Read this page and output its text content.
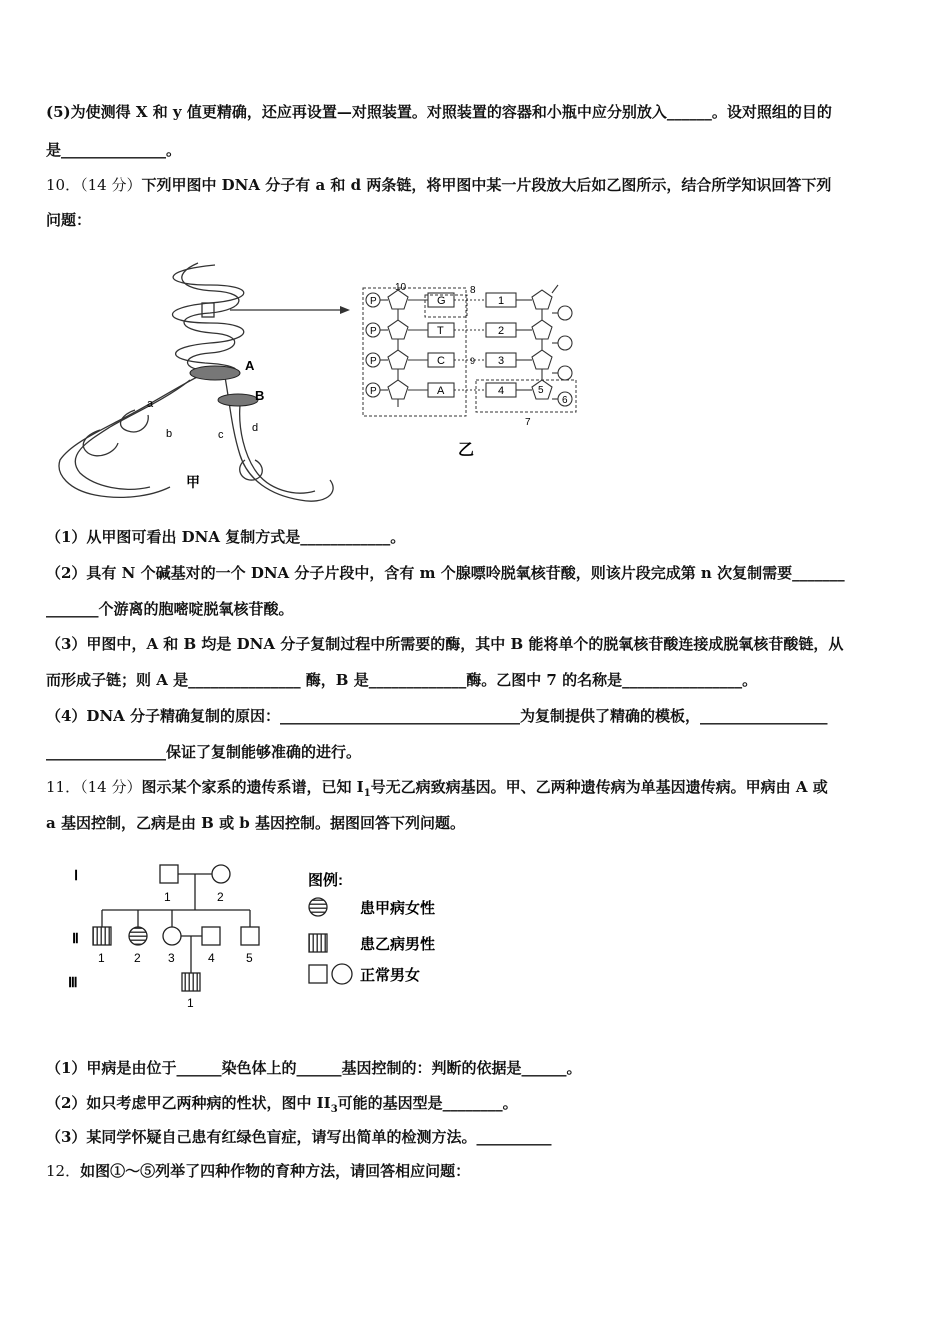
(5)为使测得 X 和 y 值更精确，还应再设置—对照装置。对照装置的容器和小瓶中应分别放入______。设对照组的目的
是______________。
10．（14 分）下列甲图中 DNA 分子有 a 和 d 两条链，将甲图中某一片段放大后如乙图所示，结合所学知识回答下列
问题：
A
B
a
b	c
d
甲
10	8
7
P
P
P
P
G
T
C
A
1
2
3
4
9
5
6
乙
（1）从甲图可看出 DNA 复制方式是____________。
（2）具有 N 个碱基对的一个 DNA 分子片段中，含有 m 个腺嘌呤脱氧核苷酸，则该片段完成第 n 次复制需要_______
_______个游离的胞嘧啶脱氧核苷酸。
（3）甲图中，A 和 B 均是 DNA 分子复制过程中所需要的酶，其中 B 能将单个的脱氧核苷酸连接成脱氧核苷酸链，从
而形成子链；则 A 是_______________ 酶，B 是_____________酶。乙图中 7 的名称是________________。
（4）DNA 分子精确复制的原因：________________________________为复制提供了精确的模板，_________________
________________保证了复制能够准确的进行。
11．（14 分）图示某个家系的遗传系谱，已知 $Ⅰ_1$号无乙病致病基因。甲、乙两种遗传病为单基因遗传病。甲病由 A 或
a 基因控制，乙病是由 B 或 b 基因控制。据图回答下列问题。
Ⅰ
Ⅱ
Ⅲ
1	2
1 2 3	4	5
1
图例:
患甲病女性
患乙病男性
正常男女
（1）甲病是由位于______染色体上的______基因控制的：判断的依据是______。
（2）如只考虑甲乙两种病的性状，图中 $II_3$可能的基因型是________。
（3）某同学怀疑自己患有红绿色盲症，请写出简单的检测方法。__________
12．如图①～⑤列举了四种作物的育种方法，请回答相应问题：
